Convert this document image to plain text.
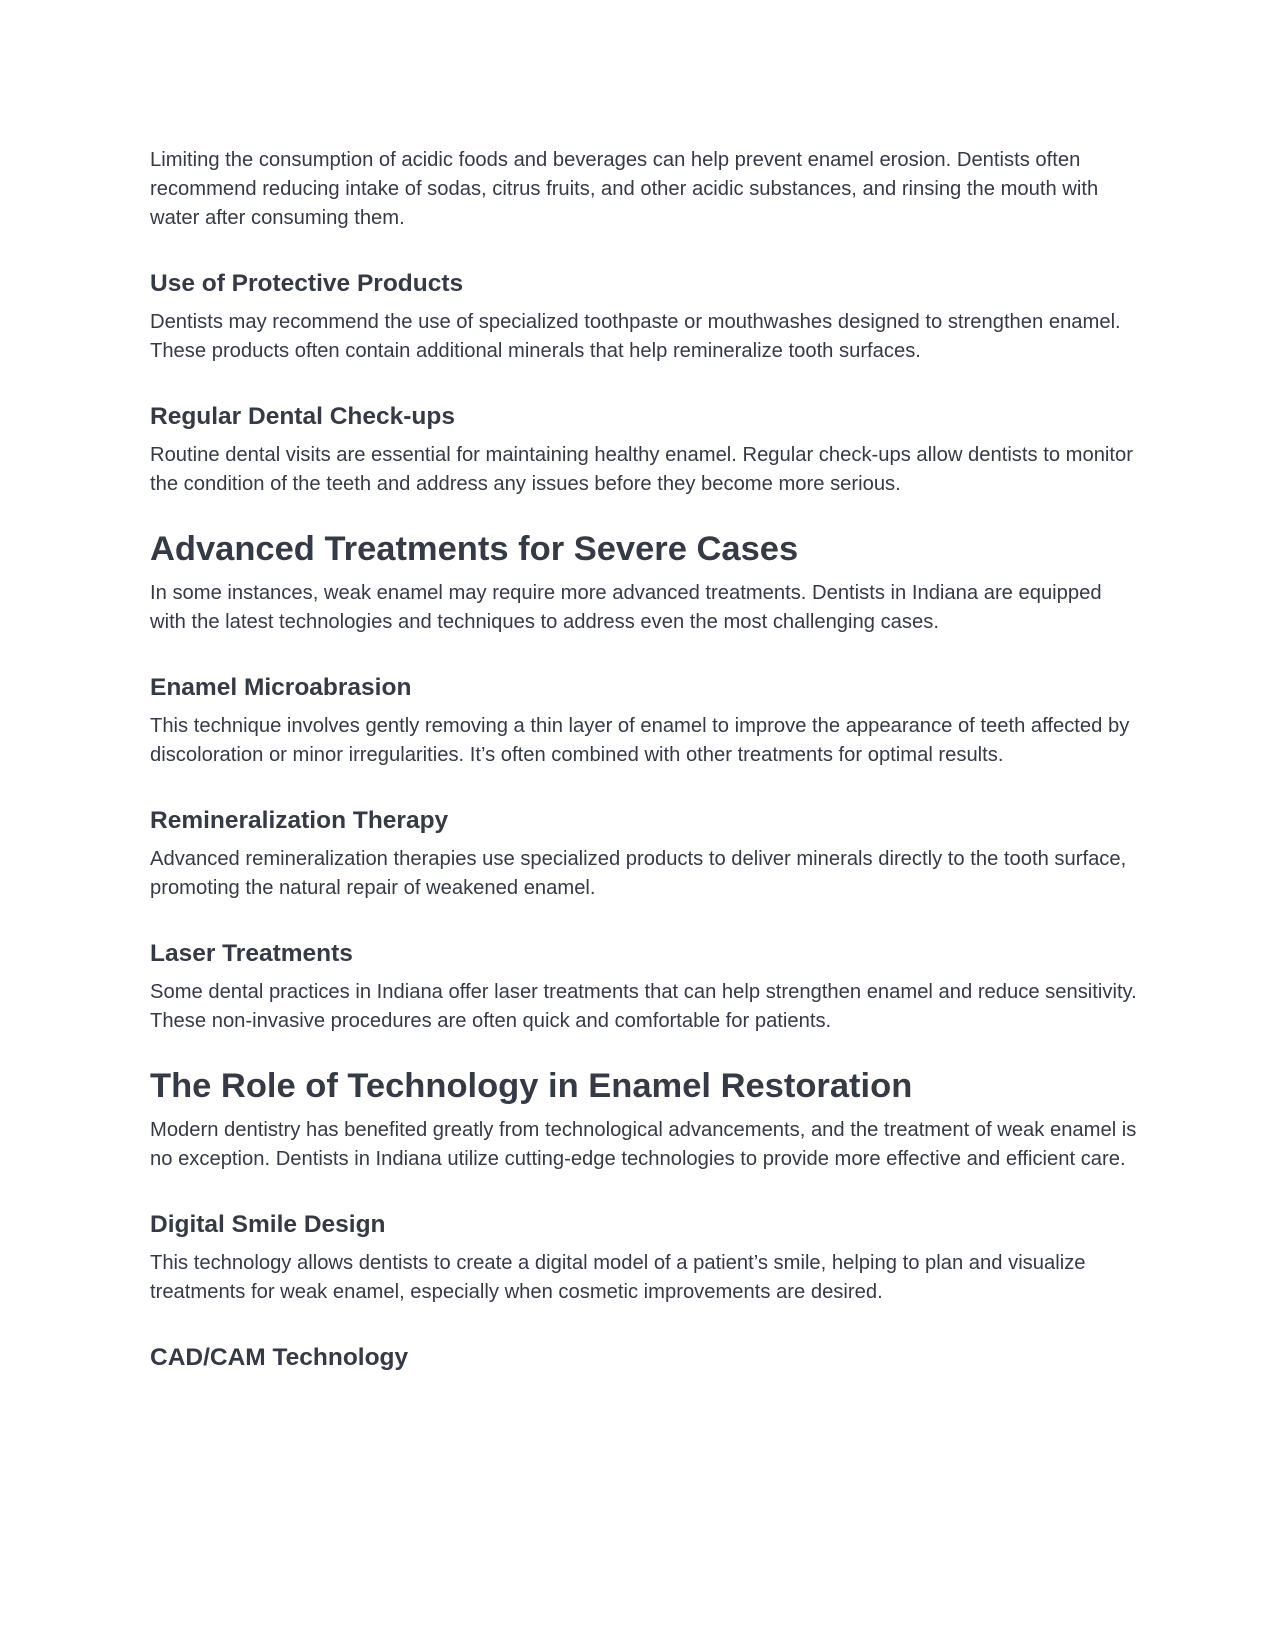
Limiting the consumption of acidic foods and beverages can help prevent enamel erosion. Dentists often recommend reducing intake of sodas, citrus fruits, and other acidic substances, and rinsing the mouth with water after consuming them.

Use of Protective Products

Dentists may recommend the use of specialized toothpaste or mouthwashes designed to strengthen enamel. These products often contain additional minerals that help remineralize tooth surfaces.

Regular Dental Check-ups

Routine dental visits are essential for maintaining healthy enamel. Regular check-ups allow dentists to monitor the condition of the teeth and address any issues before they become more serious.

Advanced Treatments for Severe Cases

In some instances, weak enamel may require more advanced treatments. Dentists in Indiana are equipped with the latest technologies and techniques to address even the most challenging cases.

Enamel Microabrasion

This technique involves gently removing a thin layer of enamel to improve the appearance of teeth affected by discoloration or minor irregularities. It’s often combined with other treatments for optimal results.

Remineralization Therapy

Advanced remineralization therapies use specialized products to deliver minerals directly to the tooth surface, promoting the natural repair of weakened enamel.

Laser Treatments

Some dental practices in Indiana offer laser treatments that can help strengthen enamel and reduce sensitivity. These non-invasive procedures are often quick and comfortable for patients.

The Role of Technology in Enamel Restoration

Modern dentistry has benefited greatly from technological advancements, and the treatment of weak enamel is no exception. Dentists in Indiana utilize cutting-edge technologies to provide more effective and efficient care.

Digital Smile Design

This technology allows dentists to create a digital model of a patient’s smile, helping to plan and visualize treatments for weak enamel, especially when cosmetic improvements are desired.

CAD/CAM Technology
